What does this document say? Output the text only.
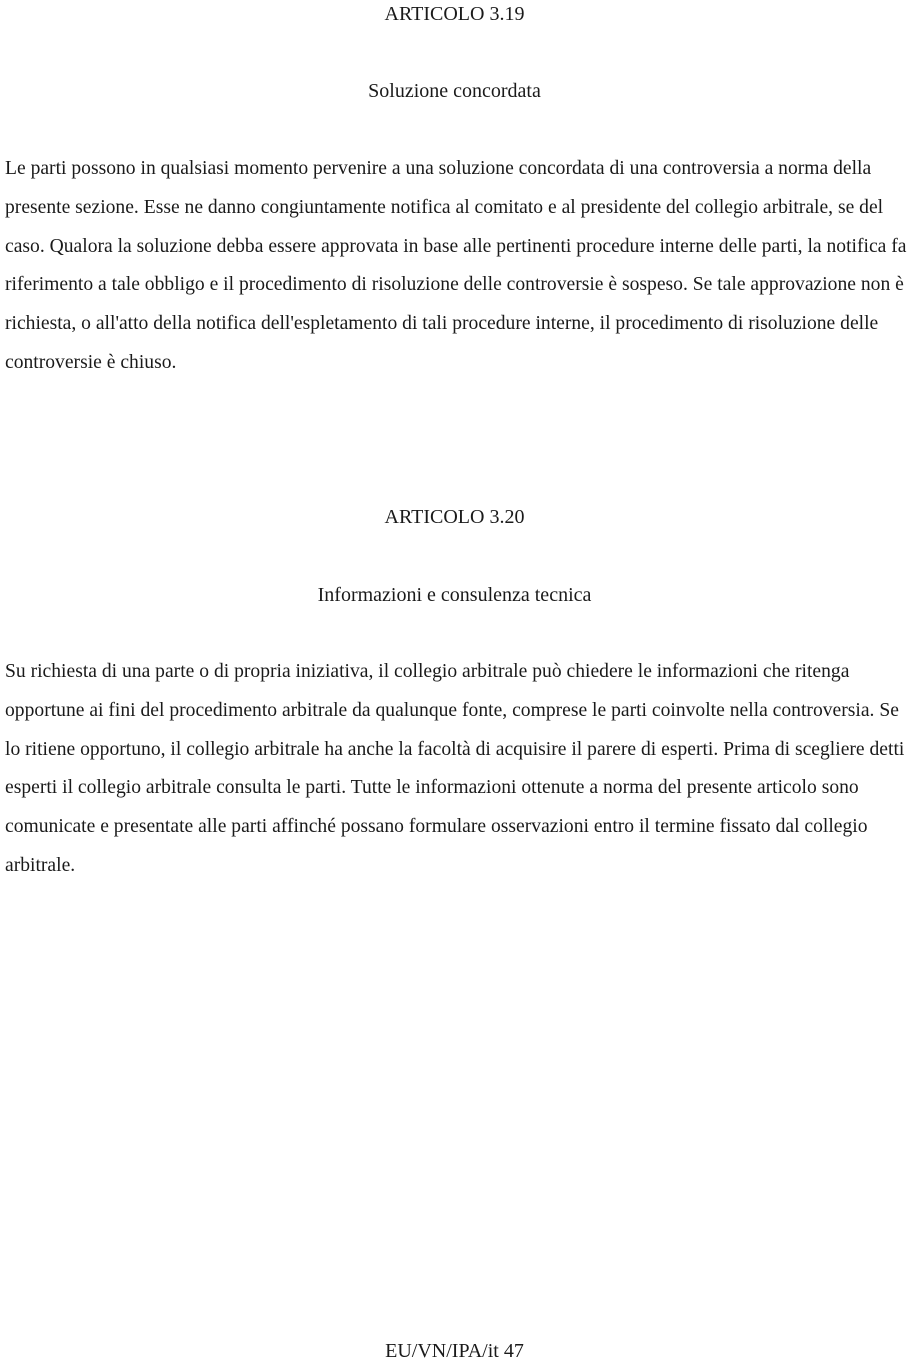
ARTICOLO 3.19
Soluzione concordata

Le parti possono in qualsiasi momento pervenire a una soluzione concordata di una controversia a norma della presente sezione. Esse ne danno congiuntamente notifica al comitato e al presidente del collegio arbitrale, se del caso. Qualora la soluzione debba essere approvata in base alle pertinenti procedure interne delle parti, la notifica fa riferimento a tale obbligo e il procedimento di risoluzione delle controversie è sospeso. Se tale approvazione non è richiesta, o all'atto della notifica dell'espletamento di tali procedure interne, il procedimento di risoluzione delle controversie è chiuso.

ARTICOLO 3.20
Informazioni e consulenza tecnica

Su richiesta di una parte o di propria iniziativa, il collegio arbitrale può chiedere le informazioni che ritenga opportune ai fini del procedimento arbitrale da qualunque fonte, comprese le parti coinvolte nella controversia. Se lo ritiene opportuno, il collegio arbitrale ha anche la facoltà di acquisire il parere di esperti. Prima di scegliere detti esperti il collegio arbitrale consulta le parti. Tutte le informazioni ottenute a norma del presente articolo sono comunicate e presentate alle parti affinché possano formulare osservazioni entro il termine fissato dal collegio arbitrale.

EU/VN/IPA/it 47
